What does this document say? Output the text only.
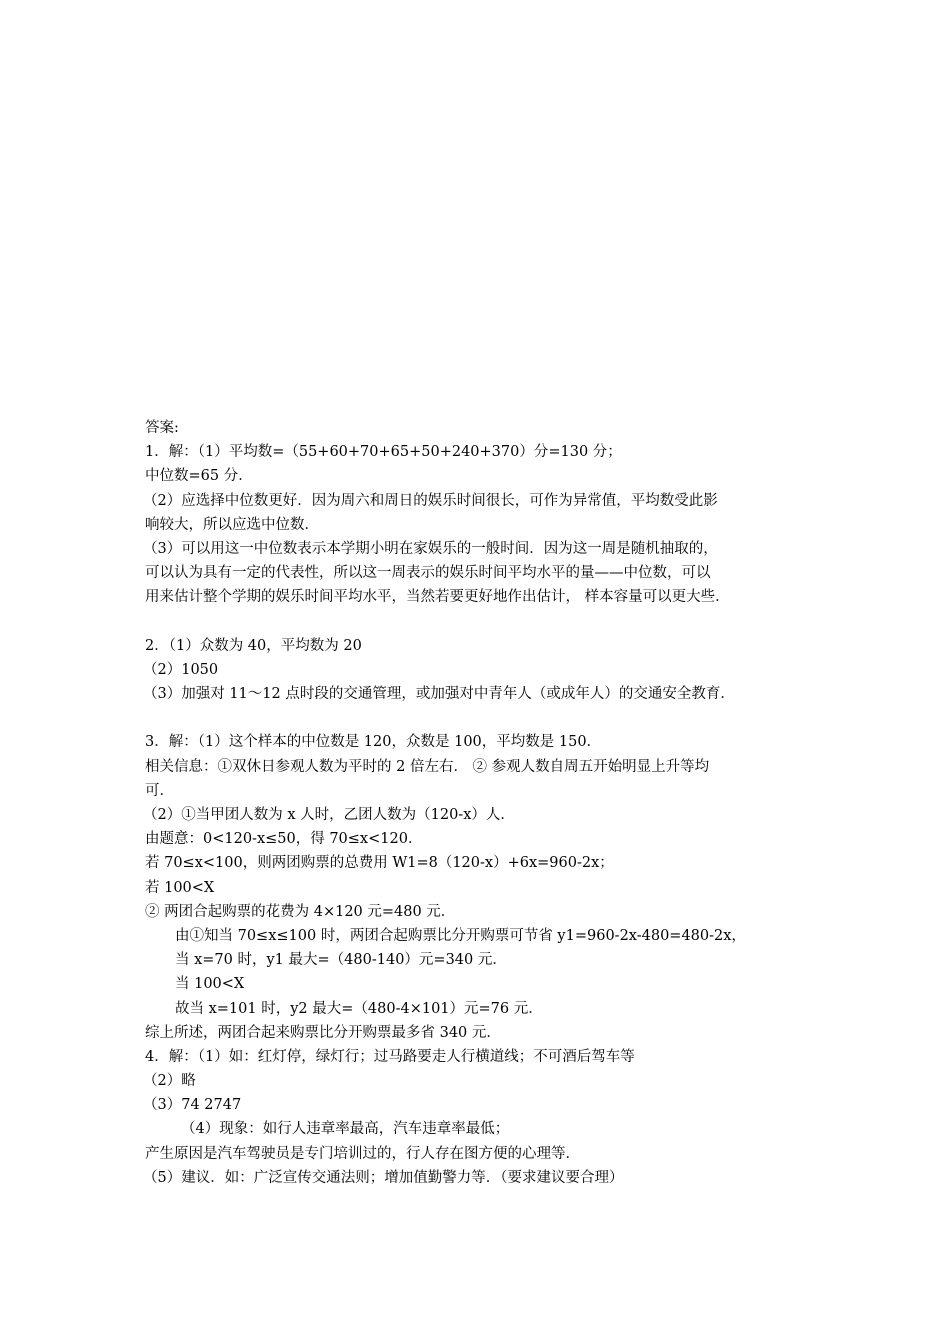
答案:
1．解：（1）平均数=（55+60+70+65+50+240+370）分=130 分；
中位数=65 分．
（2）应选择中位数更好．因为周六和周日的娱乐时间很长，可作为异常值，平均数受此影
响较大，所以应选中位数．
（3）可以用这一中位数表示本学期小明在家娱乐的一般时间．因为这一周是随机抽取的，
可以认为具有一定的代表性，所以这一周表示的娱乐时间平均水平的量——中位数，可以
用来估计整个学期的娱乐时间平均水平，当然若要更好地作出估计， 样本容量可以更大些．
2．（1）众数为 40，平均数为 20
（2）1050
（3）加强对 11～12 点时段的交通管理，或加强对中青年人（或成年人）的交通安全教育．
3．解：（1）这个样本的中位数是 120，众数是 100，平均数是 150．
相关信息：①双休日参观人数为平时的 2 倍左右． ② 参观人数自周五开始明显上升等均
可．
（2）①当甲团人数为 x 人时，乙团人数为（120-x）人．
由题意：0<120-x≤50，得 70≤x<120．
若 70≤x<100，则两团购票的总费用 W1=8（120-x）+6x=960-2x；
若 100<X
② 两团合起购票的花费为 4×120 元=480 元．
由①知当 70≤x≤100 时，两团合起购票比分开购票可节省 y1=960-2x-480=480-2x，
当 x=70 时，y1 最大=（480-140）元=340 元．
当 100<X
故当 x=101 时，y2 最大=（480-4×101）元=76 元．
综上所述，两团合起来购票比分开购票最多省 340 元．
4．解：（1）如：红灯停，绿灯行；过马路要走人行横道线；不可酒后驾车等
（2）略
（3）74 2747
（4）现象：如行人违章率最高，汽车违章率最低；
产生原因是汽车驾驶员是专门培训过的，行人存在图方便的心理等．
（5）建议．如：广泛宣传交通法则；增加值勤警力等．（要求建议要合理）
